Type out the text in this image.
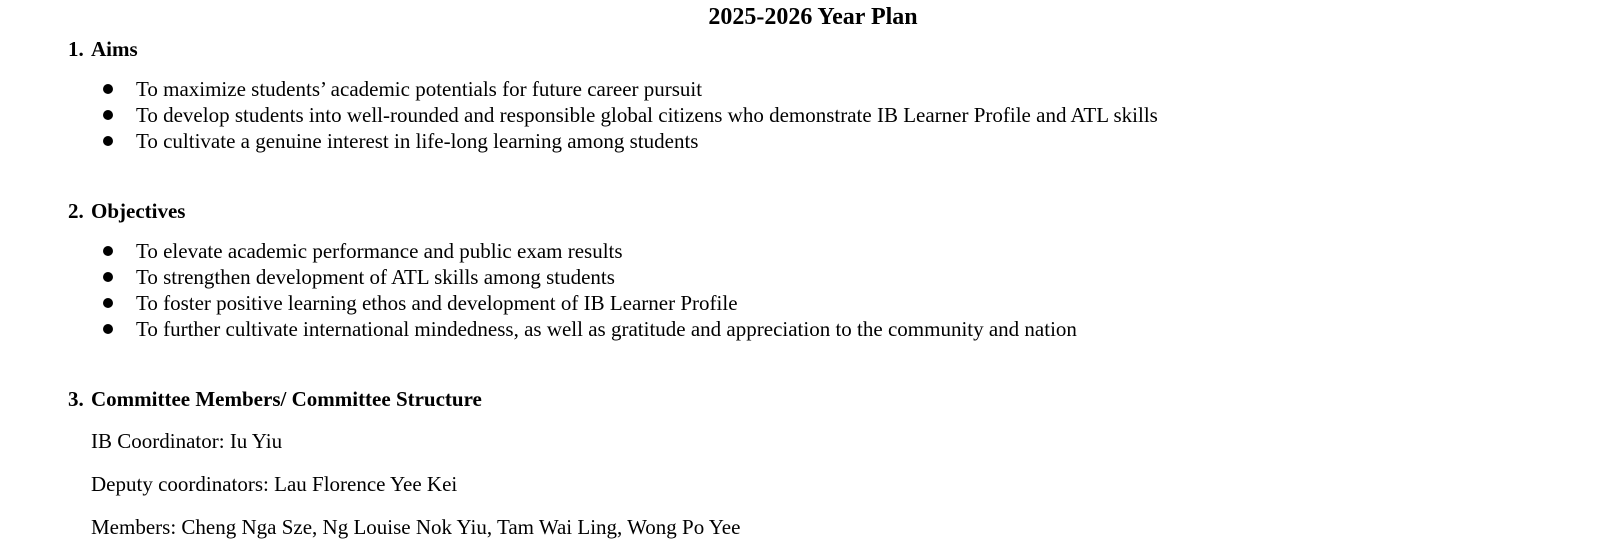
2025-2026 Year Plan
1. Aims
To maximize students’ academic potentials for future career pursuit
To develop students into well-rounded and responsible global citizens who demonstrate IB Learner Profile and ATL skills
To cultivate a genuine interest in life-long learning among students
2. Objectives
To elevate academic performance and public exam results
To strengthen development of ATL skills among students
To foster positive learning ethos and development of IB Learner Profile
To further cultivate international mindedness, as well as gratitude and appreciation to the community and nation
3. Committee Members/ Committee Structure
IB Coordinator: Iu Yiu
Deputy coordinators: Lau Florence Yee Kei
Members: Cheng Nga Sze, Ng Louise Nok Yiu, Tam Wai Ling, Wong Po Yee
